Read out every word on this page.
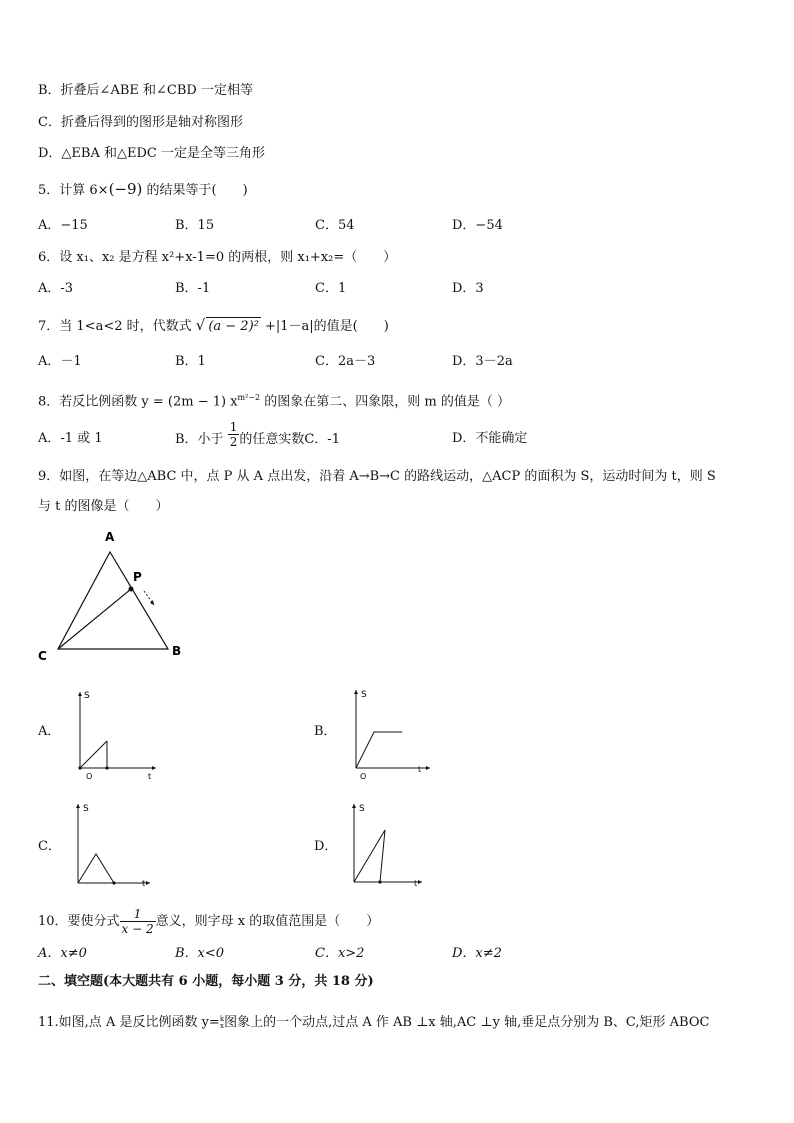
B．折叠后∠ABE 和∠CBD 一定相等
C．折叠后得到的图形是轴对称图形
D．△EBA 和△EDC 一定是全等三角形
5．计算 6×(−9) 的结果等于(　　)
A．−15	B．15	C．54	D．−54
6．设 x₁、x₂ 是方程 x²+x-1=0 的两根，则 x₁+x₂=（　　）
A．-3	B．-1	C．1	D．3
7．当 1<a<2 时，代数式 √ (a − 2)² +|1－a|的值是(　　)
A．－1	B．1	C．2a－3	D．3－2a
8．若反比例函数 y = (2m − 1) $x^{m^2-2}$ 的图象在第二、四象限，则 m 的值是（ ）
A．-1 或 1	B．小于 $\frac{1}{2}$ 的任意实数C．-1	D．不能确定
9．如图，在等边△ABC 中，点 P 从 A 点出发，沿着 A→B→C 的路线运动，△ACP 的面积为 S，运动时间为 t，则 S
与 t 的图像是（　　）
A
P
B
C
A．
S
O	t
B．
S
O
t
C．
S
t
D．
S
t
10．要使分式 $\frac{1}{x - 2}$ 意义，则字母 x 的取值范围是（　　）
A．x≠0	B．x<0	C．x>2	D．x≠2
二、填空题(本大题共有 6 小题，每小题 3 分，共 18 分)
11.如图,点 A 是反比例函数 y= k
x 图象上的一个动点,过点 A 作 AB ⊥x 轴,AC ⊥y 轴,垂足点分别为 B、C,矩形 ABOC
